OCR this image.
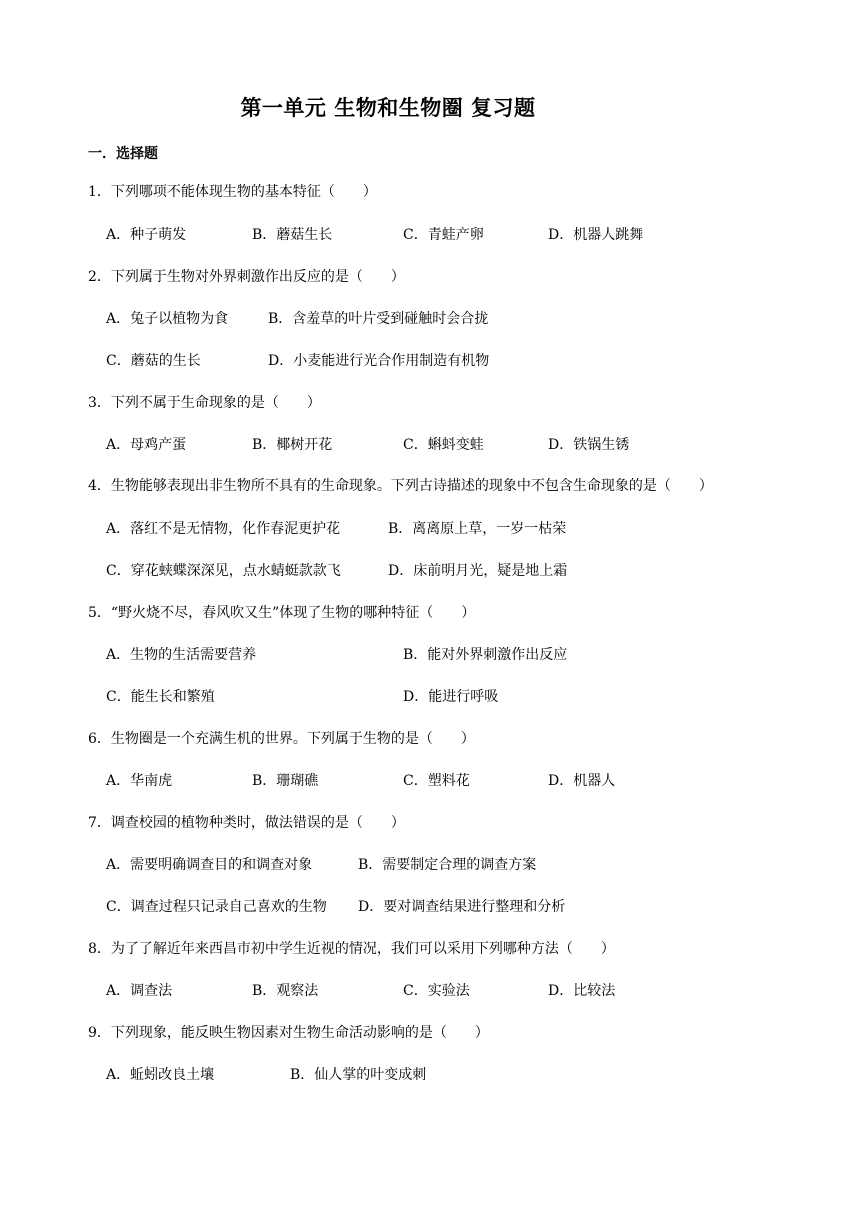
第一单元 生物和生物圈 复习题
一．选择题
1．下列哪项不能体现生物的基本特征（　　）
A．种子萌发	B．蘑菇生长	C．青蛙产卵	D．机器人跳舞
2．下列属于生物对外界刺激作出反应的是（　　）
A．兔子以植物为食	B．含羞草的叶片受到碰触时会合拢
C．蘑菇的生长	D．小麦能进行光合作用制造有机物
3．下列不属于生命现象的是（　　）
A．母鸡产蛋	B．椰树开花	C．蝌蚪变蛙	D．铁锅生锈
4．生物能够表现出非生物所不具有的生命现象。下列古诗描述的现象中不包含生命现象的是（　　）
A．落红不是无情物，化作春泥更护花	B．离离原上草，一岁一枯荣
C．穿花蛱蝶深深见，点水蜻蜓款款飞	D．床前明月光，疑是地上霜
5．“野火烧不尽，春风吹又生”体现了生物的哪种特征（　　）
A．生物的生活需要营养	B．能对外界刺激作出反应
C．能生长和繁殖	D．能进行呼吸
6．生物圈是一个充满生机的世界。下列属于生物的是（　　）
A．华南虎	B．珊瑚礁	C．塑料花	D．机器人
7．调查校园的植物种类时，做法错误的是（　　）
A．需要明确调查目的和调查对象	B．需要制定合理的调查方案
C．调查过程只记录自己喜欢的生物 D．要对调查结果进行整理和分析
8．为了了解近年来西昌市初中学生近视的情况，我们可以采用下列哪种方法（　　）
A．调查法	B．观察法	C．实验法	D．比较法
9．下列现象，能反映生物因素对生物生命活动影响的是（　　）
A．蚯蚓改良土壤	B．仙人掌的叶变成刺
